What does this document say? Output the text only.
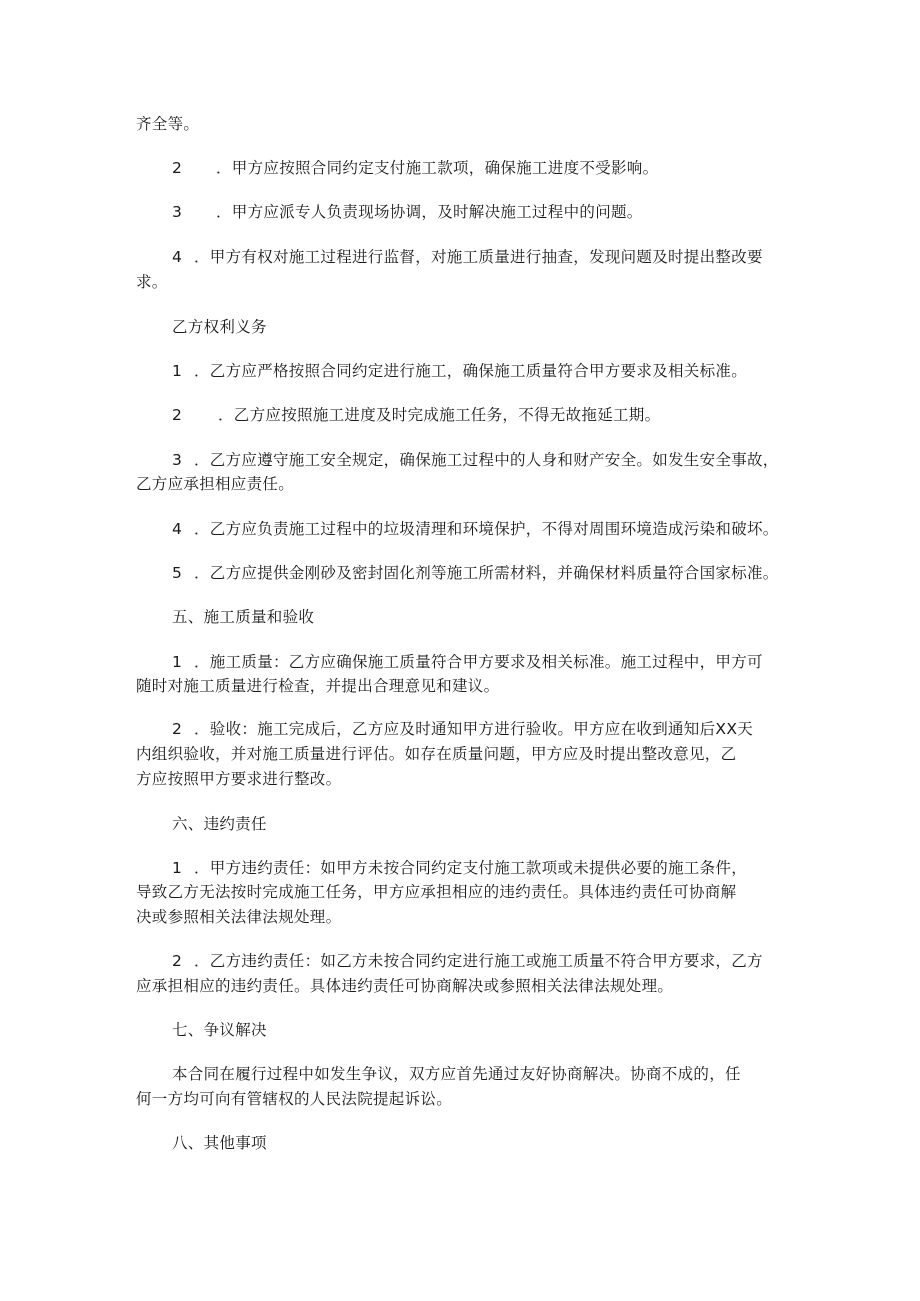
齐全等。
2 ．甲方应按照合同约定支付施工款项，确保施工进度不受影响。
3 ．甲方应派专人负责现场协调，及时解决施工过程中的问题。
4 ．甲方有权对施工过程进行监督，对施工质量进行抽查，发现问题及时提出整改要
求。
乙方权利义务
1 ．乙方应严格按照合同约定进行施工，确保施工质量符合甲方要求及相关标准。
2 ．乙方应按照施工进度及时完成施工任务，不得无故拖延工期。
3 ．乙方应遵守施工安全规定，确保施工过程中的人身和财产安全。如发生安全事故，
乙方应承担相应责任。
4 ．乙方应负责施工过程中的垃圾清理和环境保护，不得对周围环境造成污染和破坏。
5 ．乙方应提供金刚砂及密封固化剂等施工所需材料，并确保材料质量符合国家标准。
五、施工质量和验收
1 ．施工质量：乙方应确保施工质量符合甲方要求及相关标准。施工过程中，甲方可
随时对施工质量进行检查，并提出合理意见和建议。
2 ．验收：施工完成后，乙方应及时通知甲方进行验收。甲方应在收到通知后XX天
内组织验收，并对施工质量进行评估。如存在质量问题，甲方应及时提出整改意见，乙
方应按照甲方要求进行整改。
六、违约责任
1 ．甲方违约责任：如甲方未按合同约定支付施工款项或未提供必要的施工条件，
导致乙方无法按时完成施工任务，甲方应承担相应的违约责任。具体违约责任可协商解
决或参照相关法律法规处理。
2 ．乙方违约责任：如乙方未按合同约定进行施工或施工质量不符合甲方要求，乙方
应承担相应的违约责任。具体违约责任可协商解决或参照相关法律法规处理。
七、争议解决
本合同在履行过程中如发生争议，双方应首先通过友好协商解决。协商不成的，任
何一方均可向有管辖权的人民法院提起诉讼。
八、其他事项
